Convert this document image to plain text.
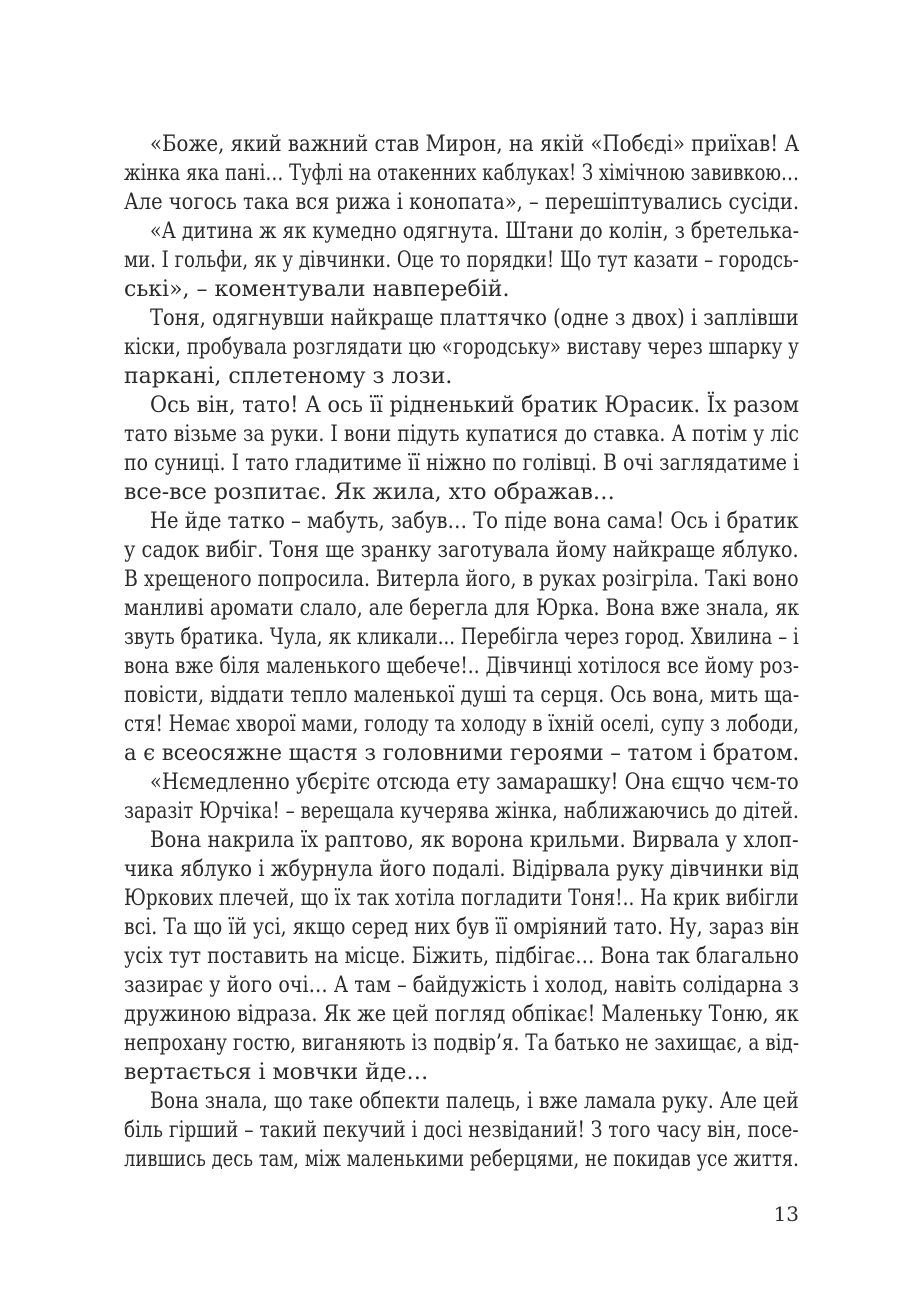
«Боже, який важний став Мирон, на якій «Побєді» приїхав! А

жінка яка пані… Туфлі на отакенних каблуках! З хімічною завивкою…

Але чогось така вся рижа і конопата», – перешіптувались сусіди.

«А дитина ж як кумедно одягнута. Штани до колін, з бретелька-

ми. І гольфи, як у дівчинки. Оце то порядки! Що тут казати – городсь-

ськi», – коментували навперебій.

Тоня, одягнувши найкраще платтячко (одне з двох) і заплівши

кіски, пробувала розглядати цю «городську» виставу через шпарку у

паркані, сплетеному з лози.

Ось він, тато! А ось її рідненький братик Юрасик. Їх разом

тато візьме за руки. І вони підуть купатися до ставка. А потім у ліс

по суниці. І тато гладитиме її ніжно по голівці. В очі заглядатиме і

все-все розпитає. Як жила, хто ображав…

Не йде татко – мабуть, забув… То піде вона сама! Ось і братик

у садок вибіг. Тоня ще зранку заготувала йому найкраще яблуко.

В хрещеного попросила. Витерла його, в руках розігріла. Такі воно

манливі аромати слало, але берегла для Юрка. Вона вже знала, як

звуть братика. Чула, як кликали... Перебігла через город. Хвилина – і

вона вже біля маленького щебече!.. Дівчинці хотілося все йому роз-

повісти, віддати тепло маленької душі та серця. Ось вона, мить ща-

стя! Немає хворої мами, голоду та холоду в їхній оселі, супу з лободи,

а є всеосяжне щастя з головними героями – татом і братом.

«Нємедленно убєрітє отсюда ету замарашку! Она єщчо чєм-то

заразіт Юрчіка! – верещала кучерява жінка, наближаючись до дітей.

Вона накрила їх раптово, як ворона крильми. Вирвала у хлоп-

чика яблуко і жбурнула його подалі. Відірвала руку дівчинки від

Юркових плечей, що їх так хотіла погладити Тоня!.. На крик вибігли

всі. Та що їй усі, якщо серед них був її омріяний тато. Ну, зараз він

усіх тут поставить на місце. Біжить, підбігає… Вона так благально

зазирає у його очі… А там – байдужість і холод, навіть солідарна з

дружиною відраза. Як же цей погляд обпікає! Маленьку Тоню, як

непрохану гостю, виганяють із подвір’я. Та батько не захищає, а від-

вертається і мовчки йде…

Вона знала, що таке обпекти палець, і вже ламала руку. Але цей

біль гірший – такий пекучий і досі незвіданий! З того часу він, посе-

лившись десь там, між маленькими реберцями, не покидав усе життя.

13
